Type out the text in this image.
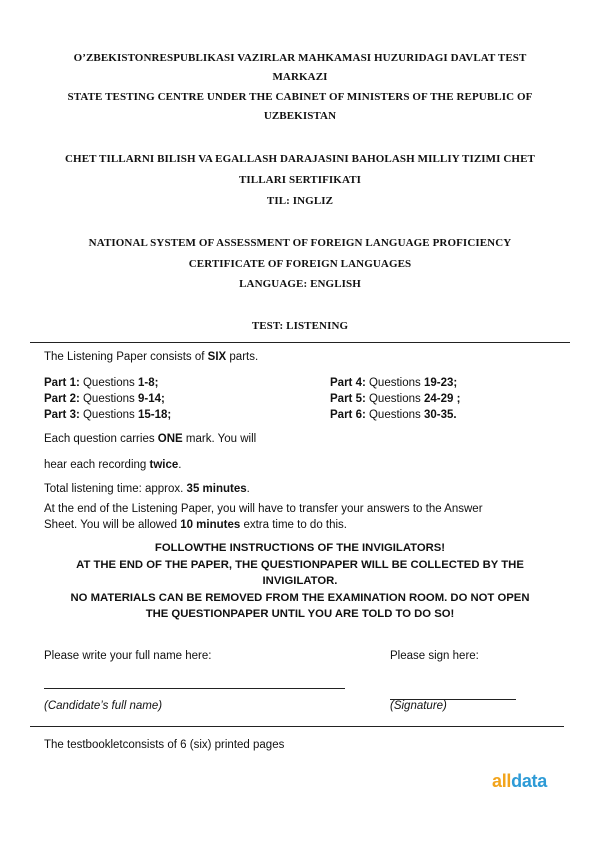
O’ZBEKISTONRESPUBLIKASI VAZIRLAR MAHKAMASI HUZURIDAGI DAVLAT TEST
MARKAZI
STATE TESTING CENTRE UNDER THE CABINET OF MINISTERS OF THE REPUBLIC OF
UZBEKISTAN
CHET TILLARNI BILISH VA EGALLASH DARAJASINI BAHOLASH MILLIY TIZIMI CHET
TILLARI SERTIFIKATI
TIL: INGLIZ
NATIONAL SYSTEM OF ASSESSMENT OF FOREIGN LANGUAGE PROFICIENCY
CERTIFICATE OF FOREIGN LANGUAGES
LANGUAGE: ENGLISH
TEST: LISTENING
The Listening Paper consists of SIX parts.
Part 1: Questions 1-8;
Part 2: Questions 9-14;
Part 3: Questions 15-18;
Part 4: Questions 19-23;
Part 5: Questions 24-29 ;
Part 6: Questions 30-35.
Each question carries ONE mark. You will
hear each recording twice.
Total listening time: approx. 35 minutes.
At the end of the Listening Paper, you will have to transfer your answers to the Answer
Sheet. You will be allowed 10 minutes extra time to do this.
FOLLOWTHE INSTRUCTIONS OF THE INVIGILATORS!
AT THE END OF THE PAPER, THE QUESTIONPAPER WILL BE COLLECTED BY THE
INVIGILATOR.
NO MATERIALS CAN BE REMOVED FROM THE EXAMINATION ROOM. DO NOT OPEN
THE QUESTIONPAPER UNTIL YOU ARE TOLD TO DO SO!
Please write your full name here:	Please sign here:
(Candidate’s full name)	(Signature)
The testbookletconsists of 6 (six) printed pages
alldata
